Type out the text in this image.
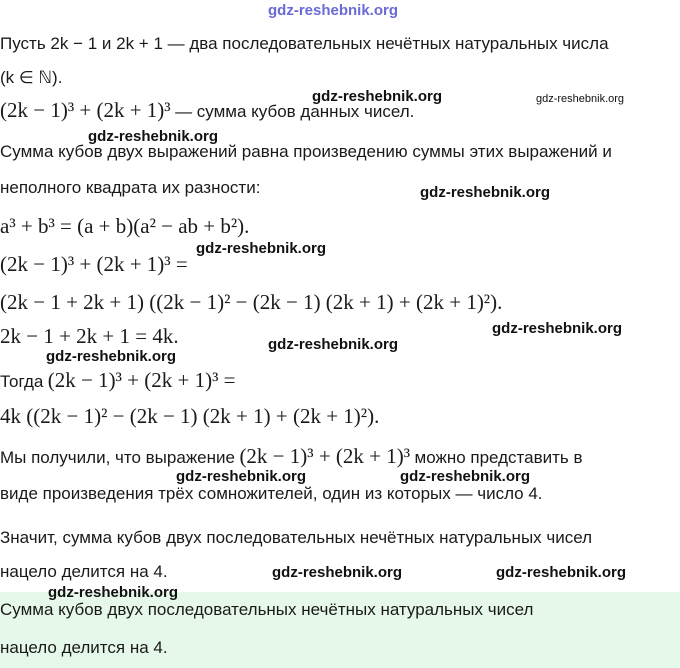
gdz-reshebnik.org
Пусть 2k − 1 и 2k + 1 — два последовательных нечётных натуральных числа
(k ∈ ℕ).
(2k − 1)³ + (2k + 1)³ — сумма кубов данных чисел.
Сумма кубов двух выражений равна произведению суммы этих выражений и
неполного квадрата их разности:
a³ + b³ = (a + b)(a² − ab + b²).
(2k − 1)³ + (2k + 1)³ =
(2k − 1 + 2k + 1) ((2k − 1)² − (2k − 1) (2k + 1) + (2k + 1)²).
2k − 1 + 2k + 1 = 4k.
Тогда (2k − 1)³ + (2k + 1)³ =
4k ((2k − 1)² − (2k − 1) (2k + 1) + (2k + 1)²).
Мы получили, что выражение (2k − 1)³ + (2k + 1)³ можно представить в
виде произведения трёх сомножителей, один из которых — число 4.
Значит, сумма кубов двух последовательных нечётных натуральных чисел
нацело делится на 4.
Сумма кубов двух последовательных нечётных натуральных чисел
нацело делится на 4.
gdz-reshebnik.org	gdz-reshebnik.org
gdz-reshebnik.org
gdz-reshebnik.org
gdz-reshebnik.org
gdz-reshebnik.org
gdz-reshebnik.org
gdz-reshebnik.org
gdz-reshebnik.org	gdz-reshebnik.org
gdz-reshebnik.org	gdz-reshebnik.org
gdz-reshebnik.org
